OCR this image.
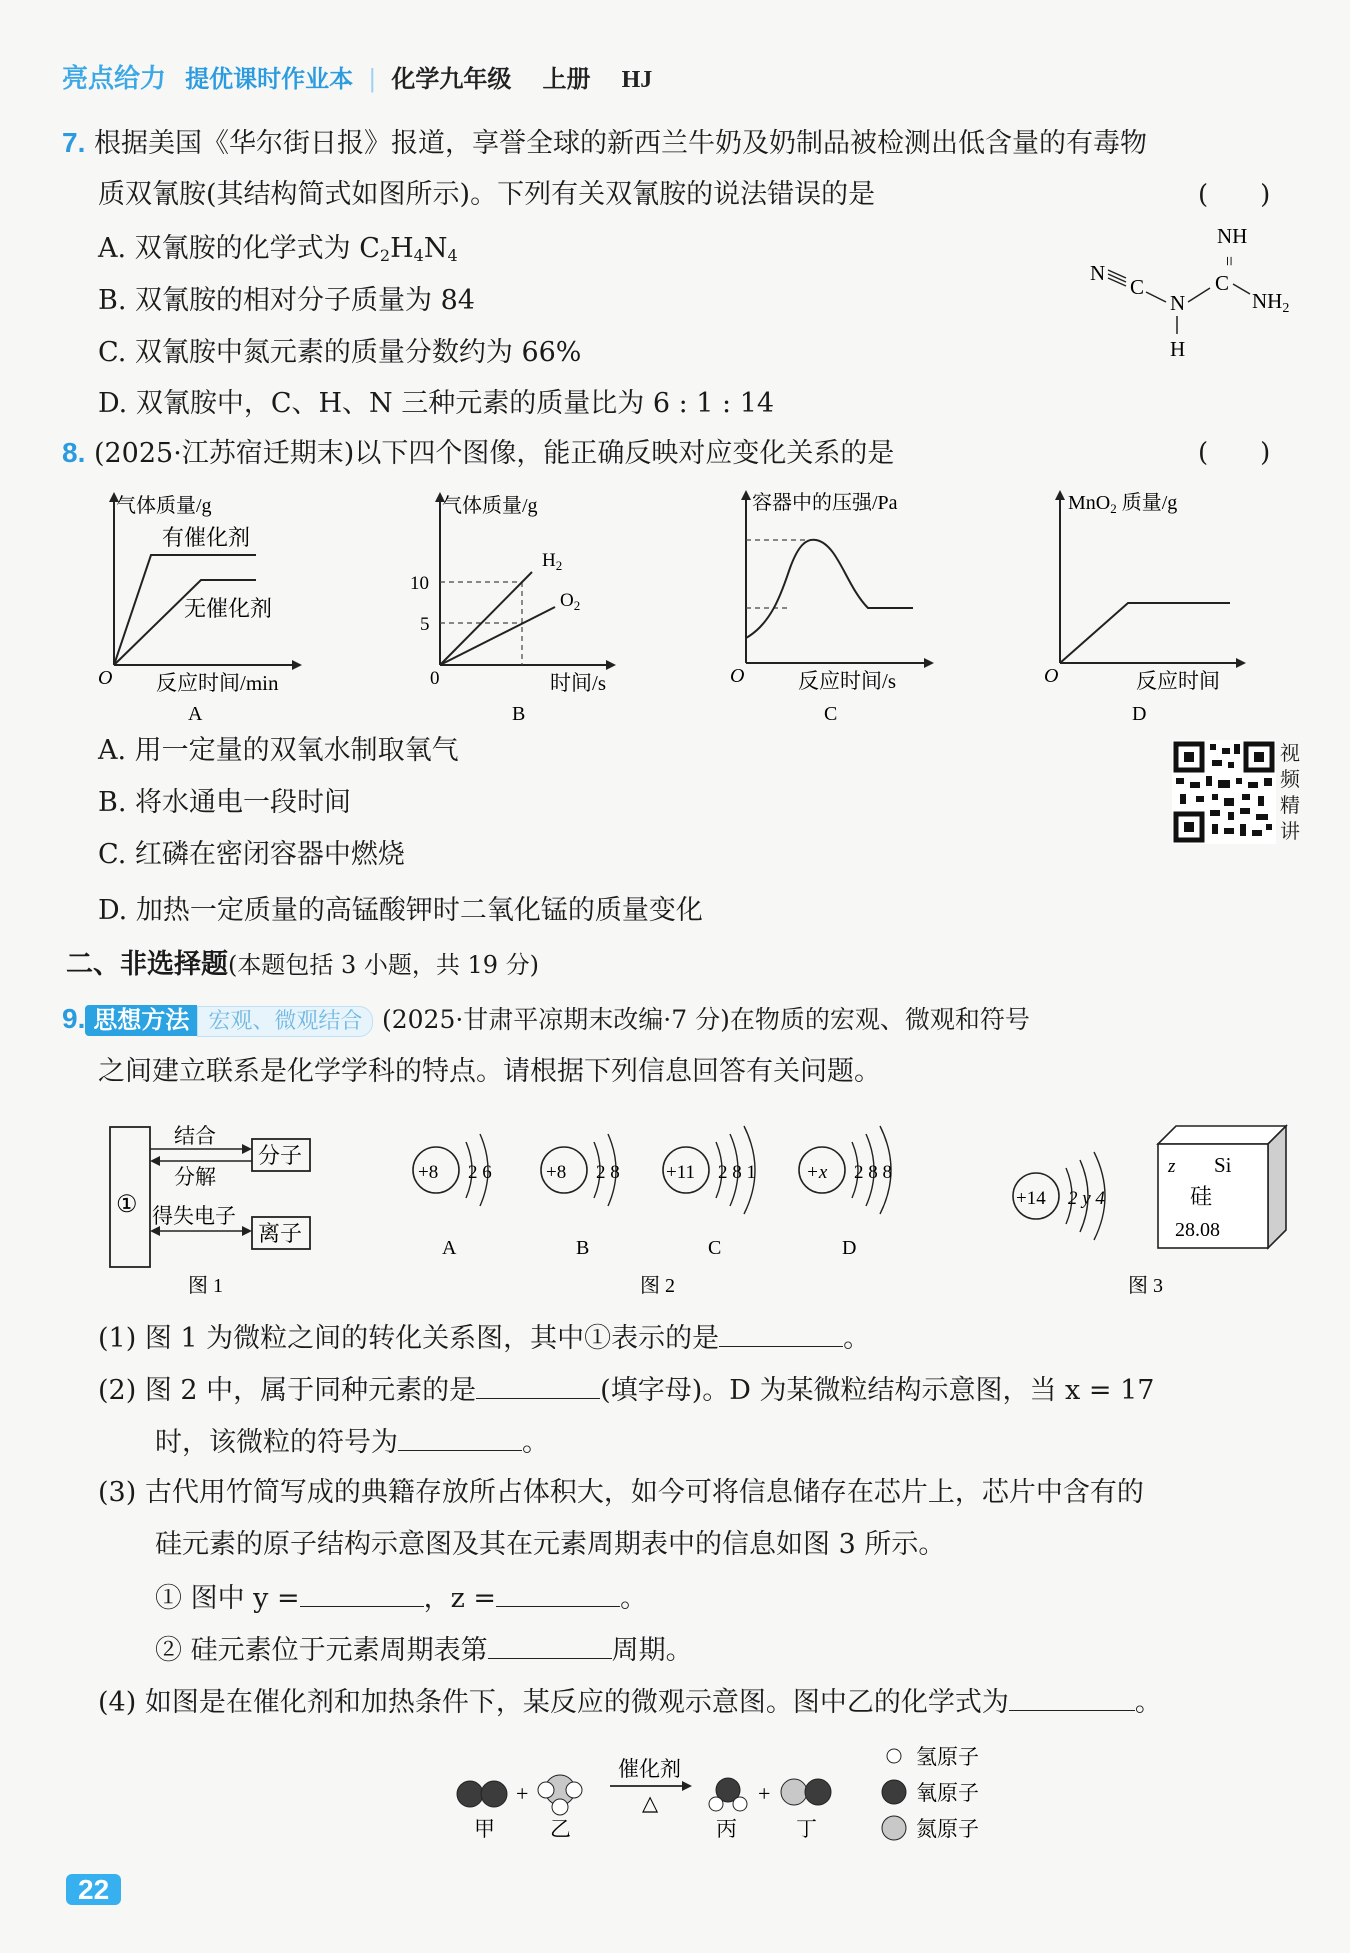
亮点给力 提优课时作业本 | 化学九年级 上册 HJ
7. 根据美国《华尔街日报》报道，享誉全球的新西兰牛奶及奶制品被检测出低含量的有毒物
质双氰胺(其结构简式如图所示)。下列有关双氰胺的说法错误的是	(　　)
A. 双氰胺的化学式为 $C_2H_4N_4$
B. 双氰胺的相对分子质量为 84
C. 双氰胺中氮元素的质量分数约为 66%
D. 双氰胺中，C、H、N 三种元素的质量比为 6 : 1 : 14
NH
=
N
C
N
C
NH2
H
8. (2025·江苏宿迁期末)以下四个图像，能正确反映对应变化关系的是	(　　)
气体质量/g
有催化剂
无催化剂
O 反应时间/min
A
气体质量/g
10
5
$H_2$
$O_2$
0	时间/s
B
容器中的压强/Pa
O	反应时间/s
C
MnO$_2$ 质量/g
O	反应时间
D
A. 用一定量的双氧水制取氧气
B. 将水通电一段时间
C. 红磷在密闭容器中燃烧
D. 加热一定质量的高锰酸钾时二氧化锰的质量变化
视
频
精
讲
二、非选择题(本题包括 3 小题，共 19 分)
9. 思想方法 宏观、微观结合 (2025·甘肃平凉期末改编·7 分)在物质的宏观、微观和符号
之间建立联系是化学学科的特点。请根据下列信息回答有关问题。
①
分子
离子
结合
分解
得失电子
图 1
+8 2 6
A
+8 2 8
B
+11 2 8 1
C
+x 2 8 8
D
图 2
+14 2 y 4
z Si
硅
28.08
图 3
(1) 图 1 为微粒之间的转化关系图，其中①表示的是	。
(2) 图 2 中，属于同种元素的是	(填字母)。D 为某微粒结构示意图，当 x = 17
时，该微粒的符号为	。
(3) 古代用竹简写成的典籍存放所占体积大，如今可将信息储存在芯片上，芯片中含有的
硅元素的原子结构示意图及其在元素周期表中的信息如图 3 所示。
① 图中 y =	，z =	。
② 硅元素位于元素周期表第	周期。
(4) 如图是在催化剂和加热条件下，某反应的微观示意图。图中乙的化学式为	。
甲
+
乙
催化剂
△
丙
+
丁
氢原子
氧原子
氮原子
22
